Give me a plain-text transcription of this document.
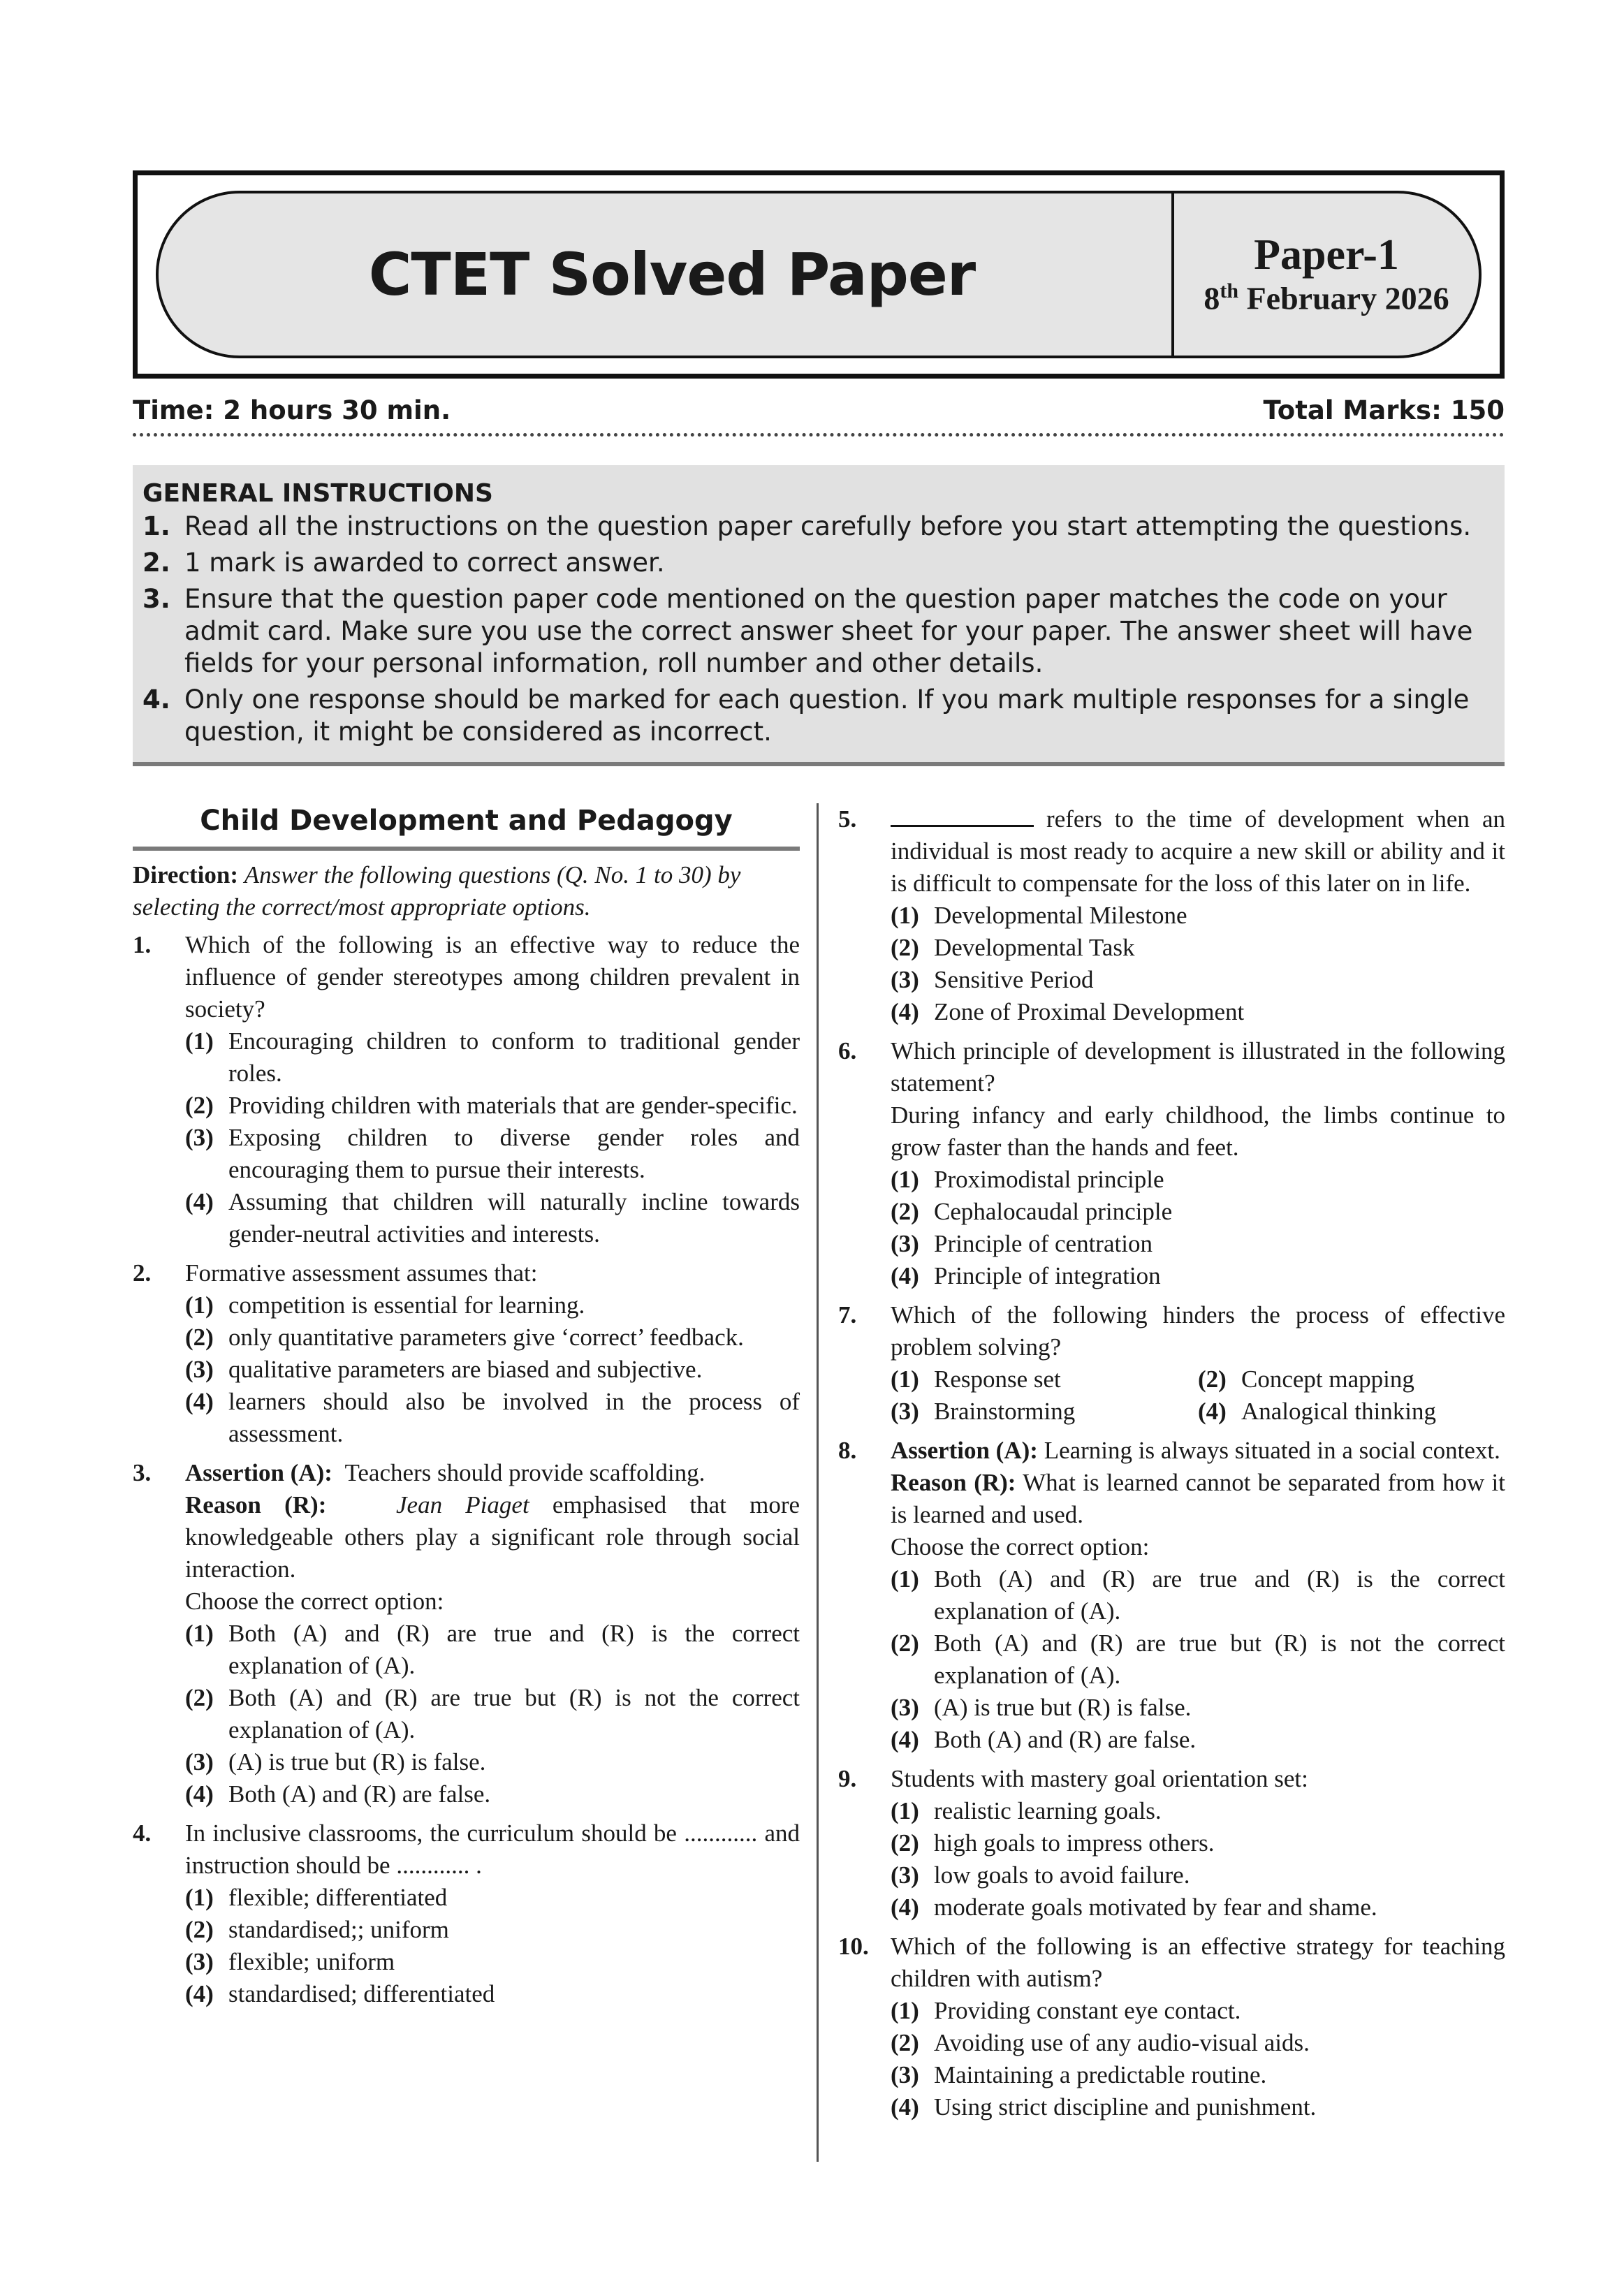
CTET Solved Paper	Paper-1
8th February 2026
Time: 2 hours 30 min.	Total Marks: 150
GENERAL INSTRUCTIONS
1. Read all the instructions on the question paper carefully before you start attempting the questions.
2. 1 mark is awarded to correct answer.
3. Ensure that the question paper code mentioned on the question paper matches the code on your admit card. Make sure you use the correct answer sheet for your paper. The answer sheet will have fields for your personal information, roll number and other details.
4. Only one response should be marked for each question. If you mark multiple responses for a single question, it might be considered as incorrect.
Child Development and Pedagogy
Direction: Answer the following questions (Q. No. 1 to 30) by selecting the correct/most appropriate options.
1.	Which of the following is an effective way to reduce the influence of gender stereotypes among children prevalent in society?
(1) Encouraging children to conform to traditional gender roles.
(2) Providing children with materials that are gender-specific.
(3) Exposing children to diverse gender roles and encouraging them to pursue their interests.
(4) Assuming that children will naturally incline towards gender-neutral activities and interests.
2.	Formative assessment assumes that:
(1) competition is essential for learning.
(2) only quantitative parameters give ‘correct’ feedback.
(3) qualitative parameters are biased and subjective.
(4) learners should also be involved in the process of assessment.
3.	Assertion (A): Teachers should provide scaffolding.
Reason (R):	Jean Piaget emphasised that more knowledgeable others play a significant role through social interaction.
Choose the correct option:
(1) Both (A) and (R) are true and (R) is the correct explanation of (A).
(2) Both (A) and (R) are true but (R) is not the correct explanation of (A).
(3) (A) is true but (R) is false.
(4) Both (A) and (R) are false.
4.	In inclusive classrooms, the curriculum should be ............ and instruction should be ............ .
(1) flexible; differentiated
(2) standardised;; uniform
(3) flexible; uniform
(4) standardised; differentiated
5.	refers to the time of development when an individual is most ready to acquire a new skill or ability and it is difficult to compensate for the loss of this later on in life.
(1) Developmental Milestone
(2) Developmental Task
(3) Sensitive Period
(4) Zone of Proximal Development
6.	Which principle of development is illustrated in the following statement?
During infancy and early childhood, the limbs continue to grow faster than the hands and feet.
(1) Proximodistal principle
(2) Cephalocaudal principle
(3) Principle of centration
(4) Principle of integration
7.	Which of the following hinders the process of effective problem solving?
(1) Response set	(2) Concept mapping
(3) Brainstorming	(4) Analogical thinking
8.	Assertion (A): Learning is always situated in a social context.
Reason (R): What is learned cannot be separated from how it is learned and used.
Choose the correct option:
(1) Both (A) and (R) are true and (R) is the correct explanation of (A).
(2) Both (A) and (R) are true but (R) is not the correct explanation of (A).
(3) (A) is true but (R) is false.
(4) Both (A) and (R) are false.
9.	Students with mastery goal orientation set:
(1) realistic learning goals.
(2) high goals to impress others.
(3) low goals to avoid failure.
(4) moderate goals motivated by fear and shame.
10. Which of the following is an effective strategy for teaching children with autism?
(1) Providing constant eye contact.
(2) Avoiding use of any audio-visual aids.
(3) Maintaining a predictable routine.
(4) Using strict discipline and punishment.
